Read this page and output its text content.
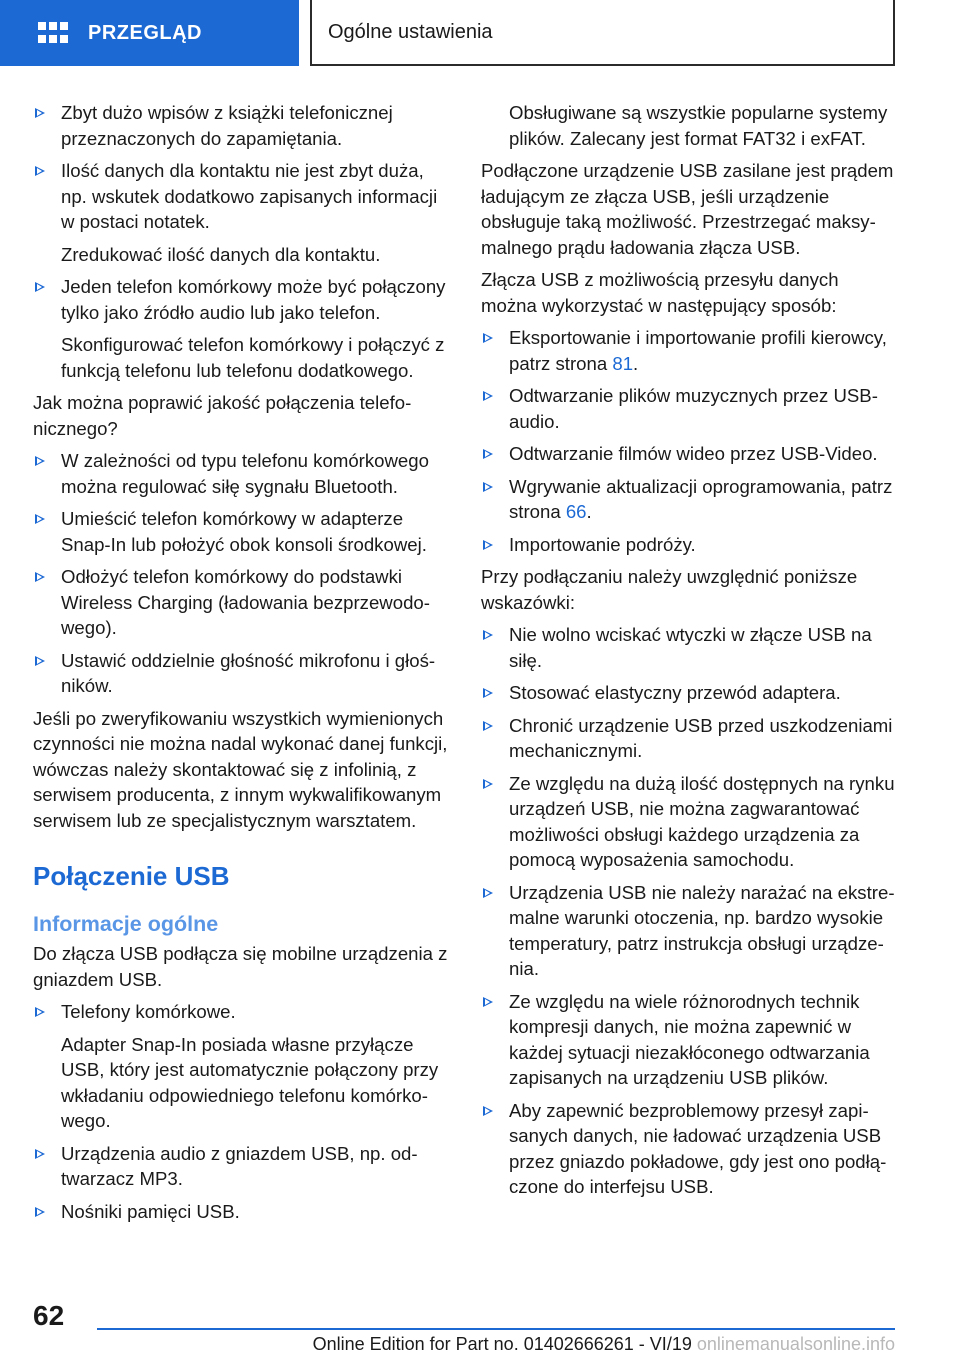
PRZEGLĄD	Ogólne ustawienia
Zbyt dużo wpisów z książki telefonicznej przeznaczonych do zapamiętania.
Ilość danych dla kontaktu nie jest zbyt duża, np. wskutek dodatkowo zapisanych informacji w postaci notatek.
Zredukować ilość danych dla kontaktu.
Jeden telefon komórkowy może być połączony tylko jako źródło audio lub jako telefon.
Skonfigurować telefon komórkowy i połączyć z funkcją telefonu lub telefonu dodatkowego.
Jak można poprawić jakość połączenia telefonicznego?
W zależności od typu telefonu komórkowego można regulować siłę sygnału Bluetooth.
Umieścić telefon komórkowy w adapterze Snap-In lub położyć obok konsoli środkowej.
Odłożyć telefon komórkowy do podstawki Wireless Charging (ładowania bezprzewodowego).
Ustawić oddzielnie głośność mikrofonu i głośników.
Jeśli po zweryfikowaniu wszystkich wymienionych czynności nie można nadal wykonać danej funkcji, wówczas należy skontaktować się z infolinią, z serwisem producenta, z innym wykwalifikowanym serwisem lub ze specjalistycznym warsztatem.
Połączenie USB
Informacje ogólne
Do złącza USB podłącza się mobilne urządzenia z gniazdem USB.
Telefony komórkowe.
Adapter Snap-In posiada własne przyłącze USB, który jest automatycznie połączony przy wkładaniu odpowiedniego telefonu komórkowego.
Urządzenia audio z gniazdem USB, np. odtwarzacz MP3.
Nośniki pamięci USB.
Obsługiwane są wszystkie popularne systemy plików. Zalecany jest format FAT32 i exFAT.
Podłączone urządzenie USB zasilane jest prądem ładującym ze złącza USB, jeśli urządzenie obsługuje taką możliwość. Przestrzegać maksymalnego prądu ładowania złącza USB.
Złącza USB z możliwością przesyłu danych można wykorzystać w następujący sposób:
Eksportowanie i importowanie profili kierowcy, patrz strona 81.
Odtwarzanie plików muzycznych przez USB-audio.
Odtwarzanie filmów wideo przez USB-Video.
Wgrywanie aktualizacji oprogramowania, patrz strona 66.
Importowanie podróży.
Przy podłączaniu należy uwzględnić poniższe wskazówki:
Nie wolno wciskać wtyczki w złącze USB na siłę.
Stosować elastyczny przewód adaptera.
Chronić urządzenie USB przed uszkodzeniami mechanicznymi.
Ze względu na dużą ilość dostępnych na rynku urządzeń USB, nie można zagwarantować możliwości obsługi każdego urządzenia za pomocą wyposażenia samochodu.
Urządzenia USB nie należy narażać na ekstremalne warunki otoczenia, np. bardzo wysokie temperatury, patrz instrukcja obsługi urządzenia.
Ze względu na wiele różnorodnych technik kompresji danych, nie można zapewnić w każdej sytuacji niezakłóconego odtwarzania zapisanych na urządzeniu USB plików.
Aby zapewnić bezproblemowy przesył zapisanych danych, nie ładować urządzenia USB przez gniazdo pokładowe, gdy jest ono podłączone do interfejsu USB.
62
Online Edition for Part no. 01402666261 - VI/19 onlinemanualsonline.info
